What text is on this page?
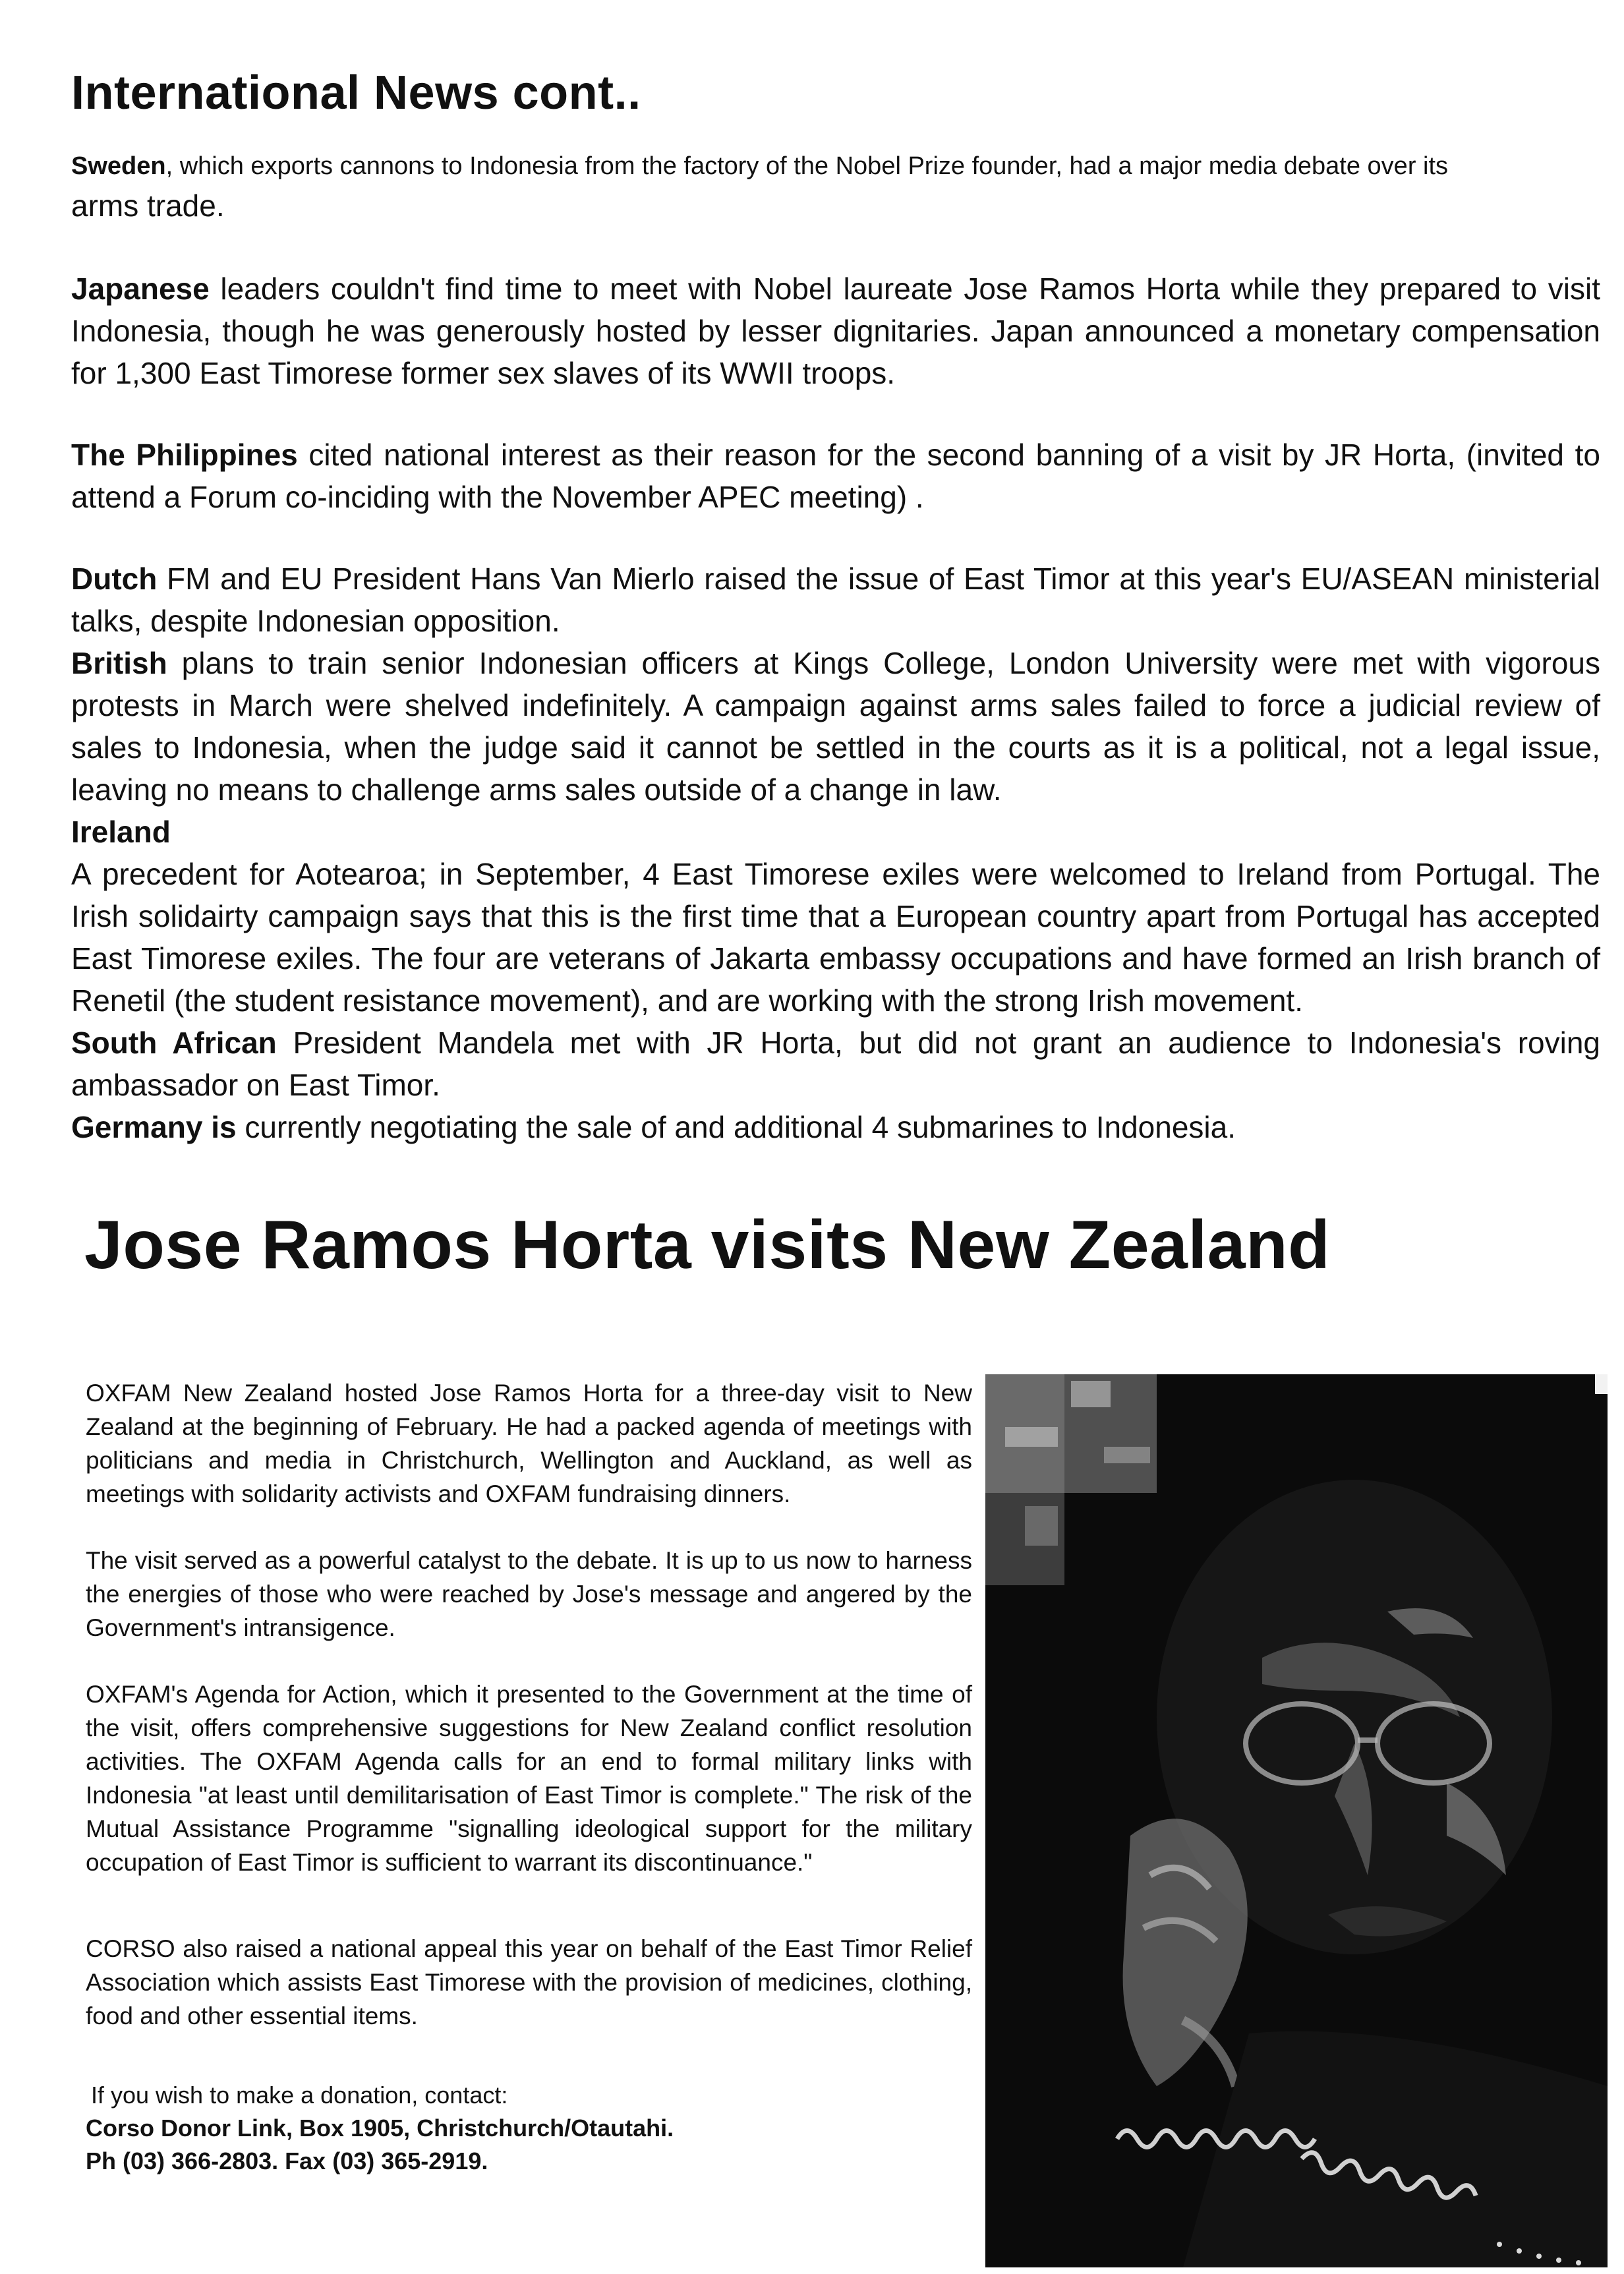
International News cont..

Sweden, which exports cannons to Indonesia from the factory of the Nobel Prize founder, had a major media debate over its
arms trade.

Japanese leaders couldn't find time to meet with Nobel laureate Jose Ramos Horta while they prepared to visit Indonesia, though he was generously hosted by lesser dignitaries. Japan announced a monetary compensation for 1,300 East Timorese former sex slaves of its WWII troops.

The Philippines cited national interest as their reason for the second banning of a visit by JR Horta, (invited to attend a Forum co-inciding with the November APEC meeting) .

Dutch FM and EU President Hans Van Mierlo raised the issue of East Timor at this year's EU/ASEAN ministerial talks, despite Indonesian opposition.

British plans to train senior Indonesian officers at Kings College, London University were met with vigorous protests in March were shelved indefinitely. A campaign against arms sales failed to force a judicial review of sales to Indonesia, when the judge said it cannot be settled in the courts as it is a political, not a legal issue, leaving no means to challenge arms sales outside of a change in law.

Ireland

A precedent for Aotearoa; in September, 4 East Timorese exiles were welcomed to Ireland from Portugal. The Irish solidairty campaign says that this is the first time that a European country apart from Portugal has accepted East Timorese exiles. The four are veterans of Jakarta embassy occupations and have formed an Irish branch of Renetil (the student resistance movement), and are working with the strong Irish movement.

South African President Mandela met with JR Horta, but did not grant an audience to Indonesia's roving ambassador on East Timor.

Germany is currently negotiating the sale of and additional 4 submarines to Indonesia.

Jose Ramos Horta visits New Zealand

OXFAM New Zealand hosted Jose Ramos Horta for a three-day visit to New Zealand at the beginning of February. He had a packed agenda of meetings with politicians and media in Christchurch, Wellington and Auckland, as well as meetings with solidarity activists and OXFAM fundraising dinners.

The visit served as a powerful catalyst to the debate. It is up to us now to harness the energies of those who were reached by Jose's message and angered by the Government's intransigence.

OXFAM's Agenda for Action, which it presented to the Government at the time of the visit, offers comprehensive suggestions for New Zealand conflict resolution activities. The OXFAM Agenda calls for an end to formal military links with Indonesia "at least until demilitarisation of East Timor is complete." The risk of the Mutual Assistance Programme "signalling ideological support for the military occupation of East Timor is sufficient to warrant its discontinuance."

CORSO also raised a national appeal this year on behalf of the East Timor Relief Association which assists East Timorese with the provision of medicines, clothing, food and other essential items.

If you wish to make a donation, contact:
Corso Donor Link, Box 1905, Christchurch/Otautahi.
Ph (03) 366-2803. Fax (03) 365-2919.
